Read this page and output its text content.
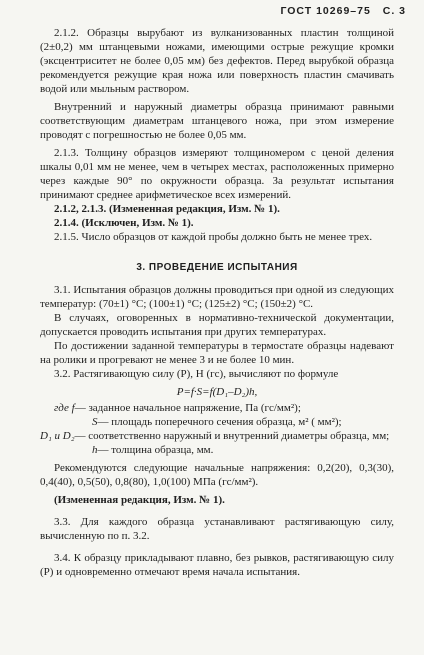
ГОСТ 10269–75 С. 3

2.1.2. Образцы вырубают из вулканизованных пластин толщиной (2±0,2) мм штанцевыми ножами, имеющими острые режущие кромки (эксцентриситет не более 0,05 мм) без дефектов. Перед вырубкой образца рекомендуется режущие края ножа или поверхность пластин смачивать водой или мыльным раствором.

Внутренний и наружный диаметры образца принимают равными соответствующим диаметрам штанцевого ножа, при этом измерение проводят с погрешностью не более 0,05 мм.

2.1.3. Толщину образцов измеряют толщиномером с ценой деления шкалы 0,01 мм не менее, чем в четырех местах, расположенных примерно через каждые 90° по окружности образца. За результат испытания принимают среднее арифметическое всех измерений.

2.1.2, 2.1.3. (Измененная редакция, Изм. № 1).

2.1.4. (Исключен, Изм. № 1).

2.1.5. Число образцов от каждой пробы должно быть не менее трех.

3. ПРОВЕДЕНИЕ ИСПЫТАНИЯ

3.1. Испытания образцов должны проводиться при одной из следующих температур: (70±1) °С; (100±1) °С; (125±2) °С; (150±2) °С.

В случаях, оговоренных в нормативно-технической документации, допускается проводить испытания при других температурах.

По достижении заданной температуры в термостате образцы надевают на ролики и прогревают не менее 3 и не более 10 мин.

3.2. Растягивающую силу (P), Н (гс), вычисляют по формуле

P=f·S=f(D₁–D₂)h,

где f — заданное начальное напряжение, Па (гс/мм²);
S — площадь поперечного сечения образца, м² ( мм²);
D₁ и D₂ — соответственно наружный и внутренний диаметры образца, мм;
h — толщина образца, мм.

Рекомендуются следующие начальные напряжения: 0,2(20), 0,3(30), 0,4(40), 0,5(50), 0,8(80), 1,0(100) МПа (гс/мм²).

(Измененная редакция, Изм. № 1).

3.3. Для каждого образца устанавливают растягивающую силу, вычисленную по п. 3.2.

3.4. К образцу прикладывают плавно, без рывков, растягивающую силу (P) и одновременно отмечают время начала испытания.
